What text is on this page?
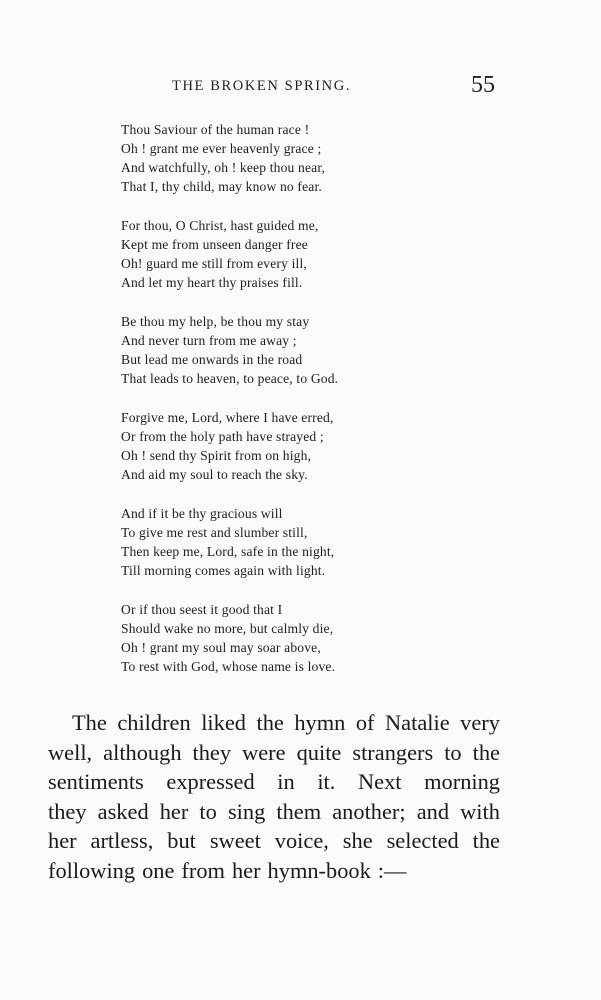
THE BROKEN SPRING.	55
Thou Saviour of the human race !
Oh ! grant me ever heavenly grace ;
And watchfully, oh ! keep thou near,
That I, thy child, may know no fear.
For thou, O Christ, hast guided me,
Kept me from unseen danger free
Oh! guard me still from every ill,
And let my heart thy praises fill.
Be thou my help, be thou my stay
And never turn from me away ;
But lead me onwards in the road
That leads to heaven, to peace, to God.
Forgive me, Lord, where I have erred,
Or from the holy path have strayed ;
Oh ! send thy Spirit from on high,
And aid my soul to reach the sky.
And if it be thy gracious will
To give me rest and slumber still,
Then keep me, Lord, safe in the night,
Till morning comes again with light.
Or if thou seest it good that I
Should wake no more, but calmly die,
Oh ! grant my soul may soar above,
To rest with God, whose name is love.
The children liked the hymn of Natalie very
well, although they were quite strangers to the
sentiments expressed in it. Next morning
they asked her to sing them another; and with
her artless, but sweet voice, she selected the
following one from her hymn-book :—
